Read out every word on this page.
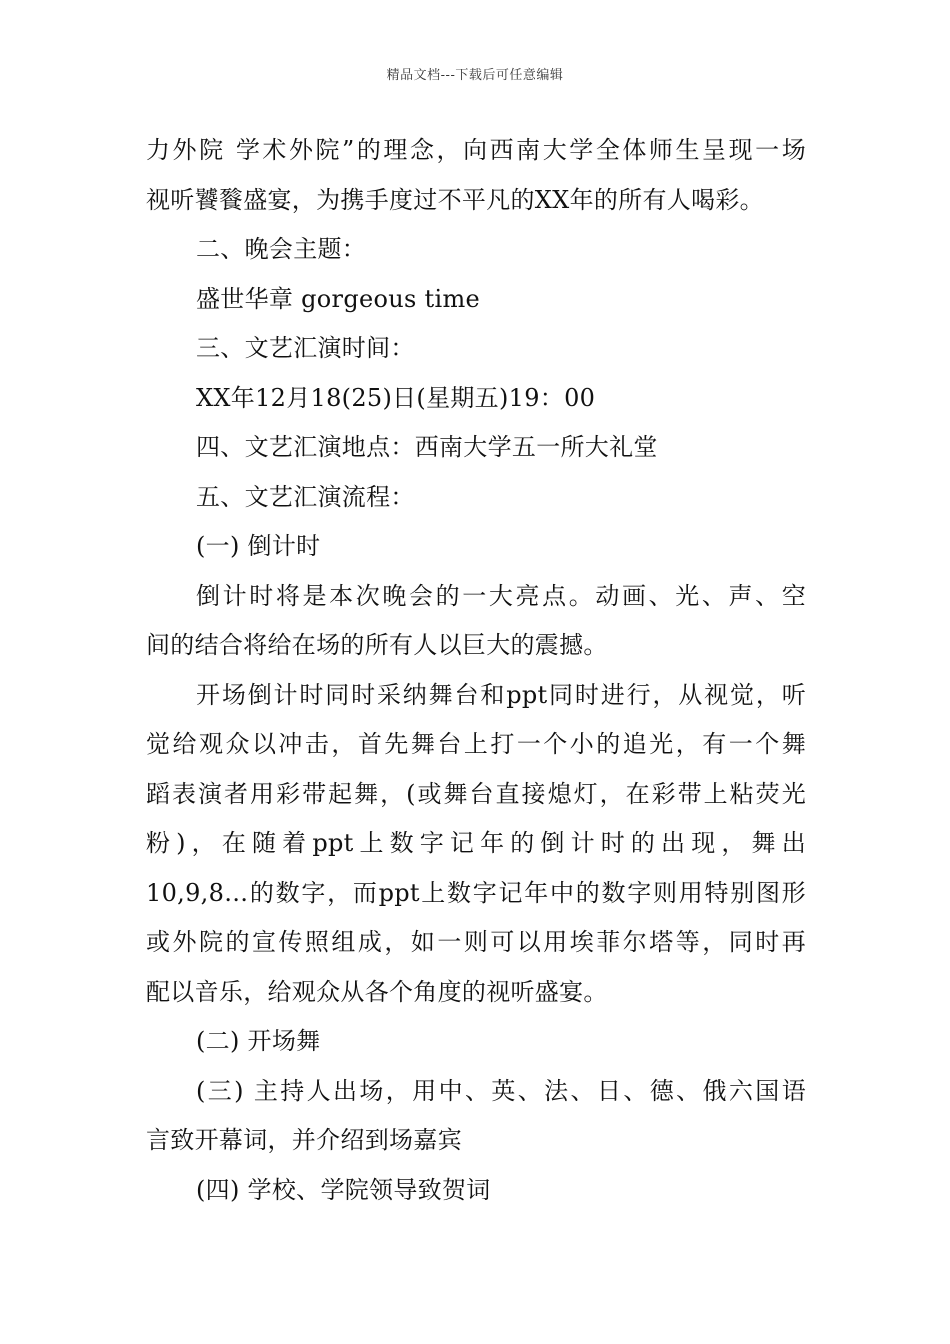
精品文档---下载后可任意编辑

力外院 学术外院”的理念，向西南大学全体师生呈现一场
视听饕餮盛宴，为携手度过不平凡的XX年的所有人喝彩。

二、晚会主题：

盛世华章 gorgeous time

三、文艺汇演时间：

XX年12月18(25)日(星期五)19：00

四、文艺汇演地点：西南大学五一所大礼堂

五、文艺汇演流程：

(一) 倒计时

倒计时将是本次晚会的一大亮点。动画、光、声、空
间的结合将给在场的所有人以巨大的震撼。

开场倒计时同时采纳舞台和ppt同时进行，从视觉，听
觉给观众以冲击，首先舞台上打一个小的追光，有一个舞
蹈表演者用彩带起舞，(或舞台直接熄灯，在彩带上粘荧光
粉)，在随着ppt上数字记年的倒计时的出现，舞出
10,9,8…的数字，而ppt上数字记年中的数字则用特别图形
或外院的宣传照组成，如一则可以用埃菲尔塔等，同时再
配以音乐，给观众从各个角度的视听盛宴。

(二) 开场舞

(三) 主持人出场，用中、英、法、日、德、俄六国语
言致开幕词，并介绍到场嘉宾

(四) 学校、学院领导致贺词
